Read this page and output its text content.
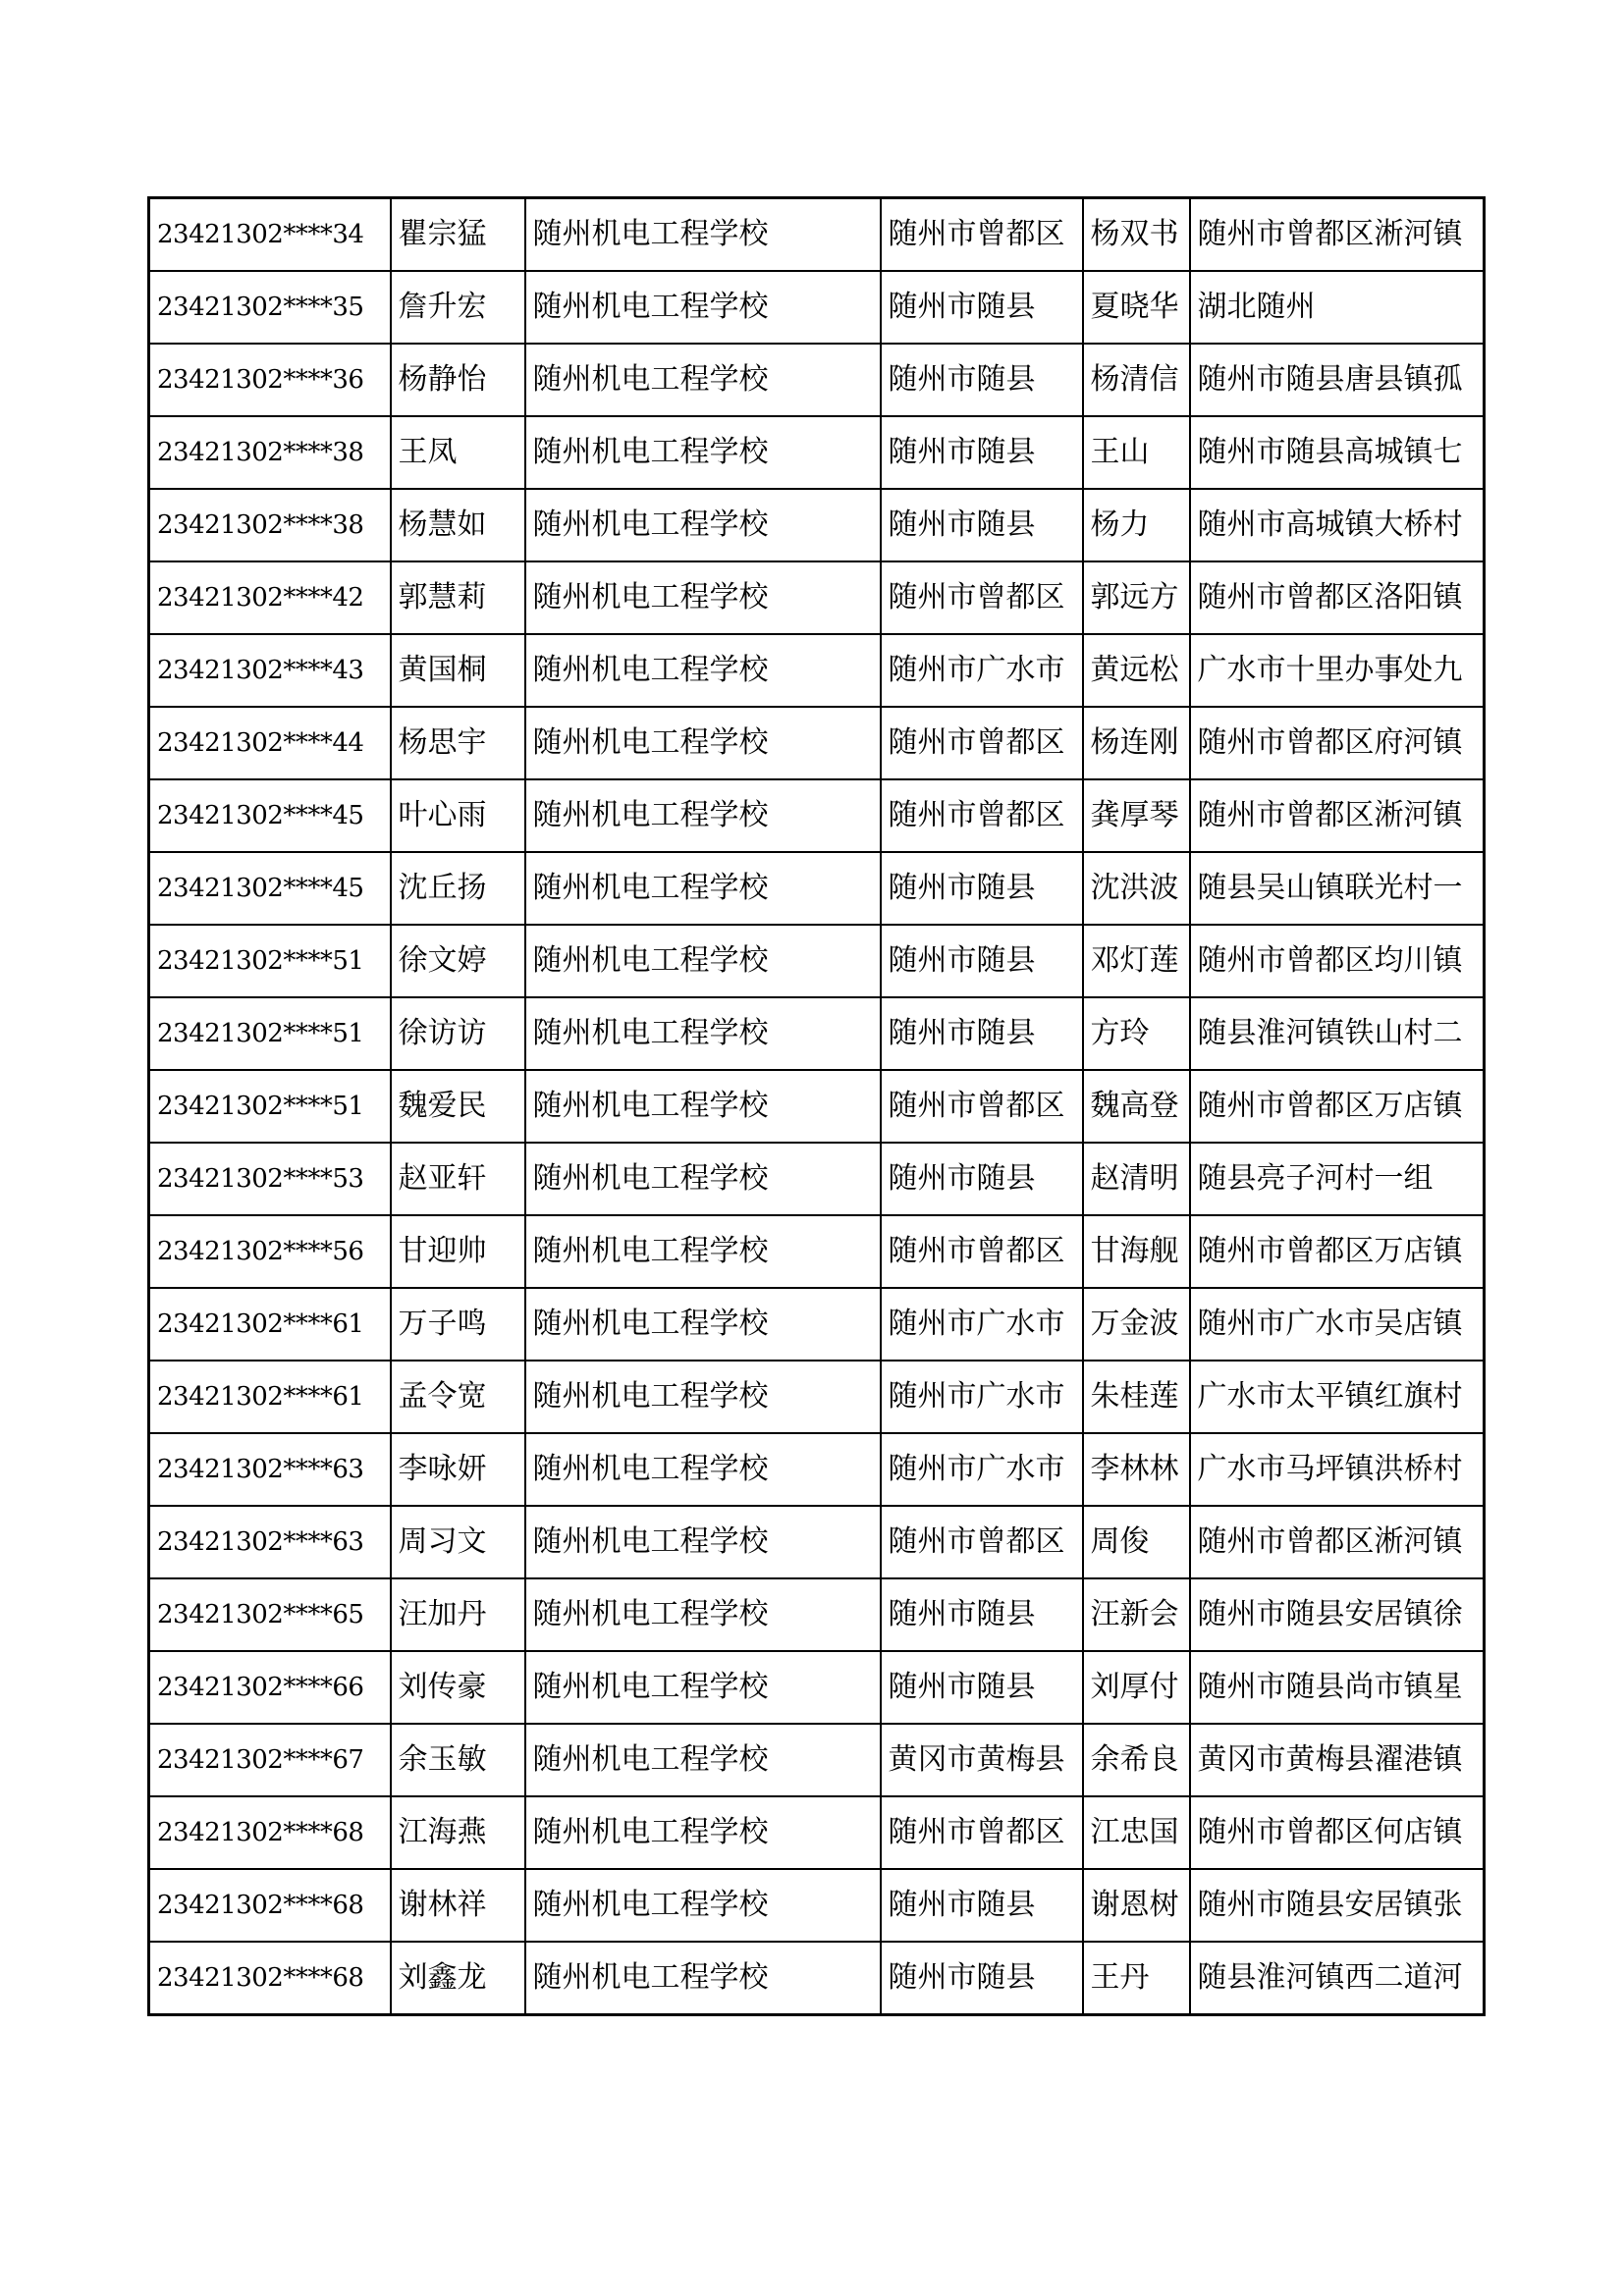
23421302****34	瞿宗猛	随州机电工程学校	随州市曾都区	杨双书	随州市曾都区淅河镇
23421302****35	詹升宏	随州机电工程学校	随州市随县	夏晓华	湖北随州
23421302****36	杨静怡	随州机电工程学校	随州市随县	杨清信	随州市随县唐县镇孤
23421302****38	王凤	随州机电工程学校	随州市随县	王山	随州市随县高城镇七
23421302****38	杨慧如	随州机电工程学校	随州市随县	杨力	随州市高城镇大桥村
23421302****42	郭慧莉	随州机电工程学校	随州市曾都区	郭远方	随州市曾都区洛阳镇
23421302****43	黄国桐	随州机电工程学校	随州市广水市	黄远松	广水市十里办事处九
23421302****44	杨思宇	随州机电工程学校	随州市曾都区	杨连刚	随州市曾都区府河镇
23421302****45	叶心雨	随州机电工程学校	随州市曾都区	龚厚琴	随州市曾都区淅河镇
23421302****45	沈丘扬	随州机电工程学校	随州市随县	沈洪波	随县吴山镇联光村一
23421302****51	徐文婷	随州机电工程学校	随州市随县	邓灯莲	随州市曾都区均川镇
23421302****51	徐访访	随州机电工程学校	随州市随县	方玲	随县淮河镇铁山村二
23421302****51	魏爱民	随州机电工程学校	随州市曾都区	魏高登	随州市曾都区万店镇
23421302****53	赵亚轩	随州机电工程学校	随州市随县	赵清明	随县亮子河村一组
23421302****56	甘迎帅	随州机电工程学校	随州市曾都区	甘海舰	随州市曾都区万店镇
23421302****61	万子鸣	随州机电工程学校	随州市广水市	万金波	随州市广水市吴店镇
23421302****61	孟令宽	随州机电工程学校	随州市广水市	朱桂莲	广水市太平镇红旗村
23421302****63	李咏妍	随州机电工程学校	随州市广水市	李林林	广水市马坪镇洪桥村
23421302****63	周习文	随州机电工程学校	随州市曾都区	周俊	随州市曾都区淅河镇
23421302****65	汪加丹	随州机电工程学校	随州市随县	汪新会	随州市随县安居镇徐
23421302****66	刘传豪	随州机电工程学校	随州市随县	刘厚付	随州市随县尚市镇星
23421302****67	余玉敏	随州机电工程学校	黄冈市黄梅县	余希良	黄冈市黄梅县濯港镇
23421302****68	江海燕	随州机电工程学校	随州市曾都区	江忠国	随州市曾都区何店镇
23421302****68	谢林祥	随州机电工程学校	随州市随县	谢恩树	随州市随县安居镇张
23421302****68	刘鑫龙	随州机电工程学校	随州市随县	王丹	随县淮河镇西二道河
